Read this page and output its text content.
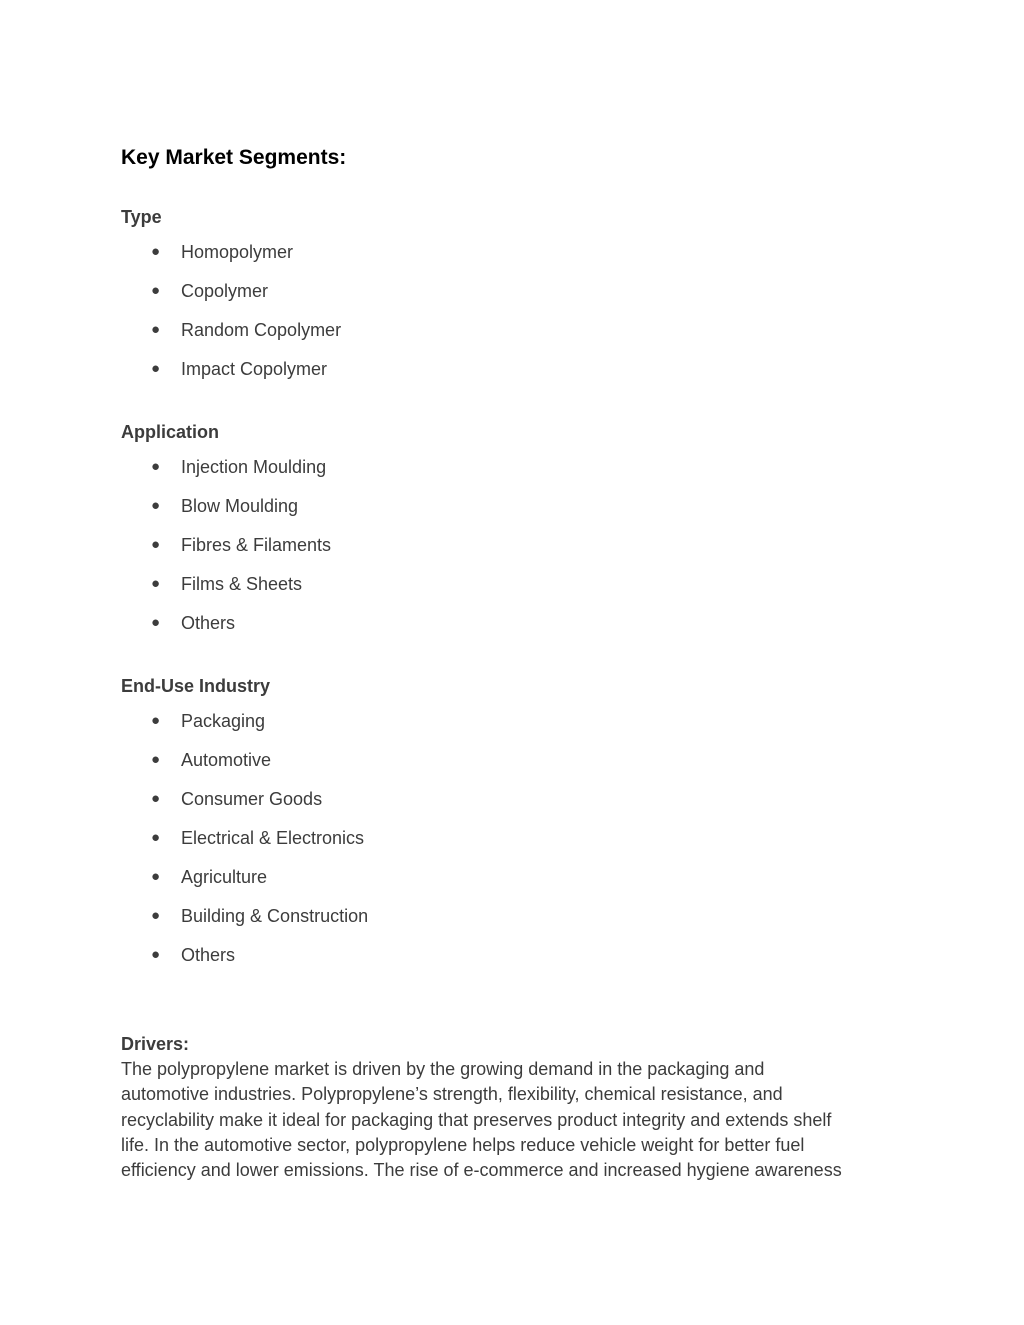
Key Market Segments:
Type
● Homopolymer
● Copolymer
● Random Copolymer
● Impact Copolymer
Application
● Injection Moulding
● Blow Moulding
● Fibres & Filaments
● Films & Sheets
● Others
End-Use Industry
● Packaging
● Automotive
● Consumer Goods
● Electrical & Electronics
● Agriculture
● Building & Construction
● Others
Drivers:
The polypropylene market is driven by the growing demand in the packaging and
automotive industries. Polypropylene’s strength, flexibility, chemical resistance, and
recyclability make it ideal for packaging that preserves product integrity and extends shelf
life. In the automotive sector, polypropylene helps reduce vehicle weight for better fuel
efficiency and lower emissions. The rise of e-commerce and increased hygiene awareness
